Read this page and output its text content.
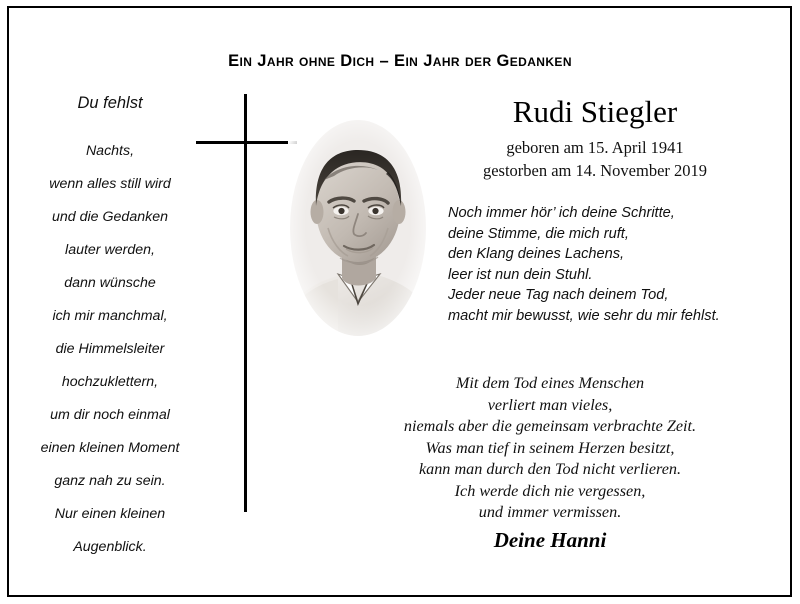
Ein Jahr ohne Dich – Ein Jahr der Gedanken
Du fehlst
Nachts,
wenn alles still wird
und die Gedanken
lauter werden,
dann wünsche
ich mir manchmal,
die Himmelsleiter
hochzuklettern,
um dir noch einmal
einen kleinen Moment
ganz nah zu sein.
Nur einen kleinen
Augenblick.
Rudi Stiegler
geboren am 15. April 1941
gestorben am 14. November 2019
Noch immer hör’ ich deine Schritte,
deine Stimme, die mich ruft,
den Klang deines Lachens,
leer ist nun dein Stuhl.
Jeder neue Tag nach deinem Tod,
macht mir bewusst, wie sehr du mir fehlst.
Mit dem Tod eines Menschen
verliert man vieles,
niemals aber die gemeinsam verbrachte Zeit.
Was man tief in seinem Herzen besitzt,
kann man durch den Tod nicht verlieren.
Ich werde dich nie vergessen,
und immer vermissen.
Deine Hanni
